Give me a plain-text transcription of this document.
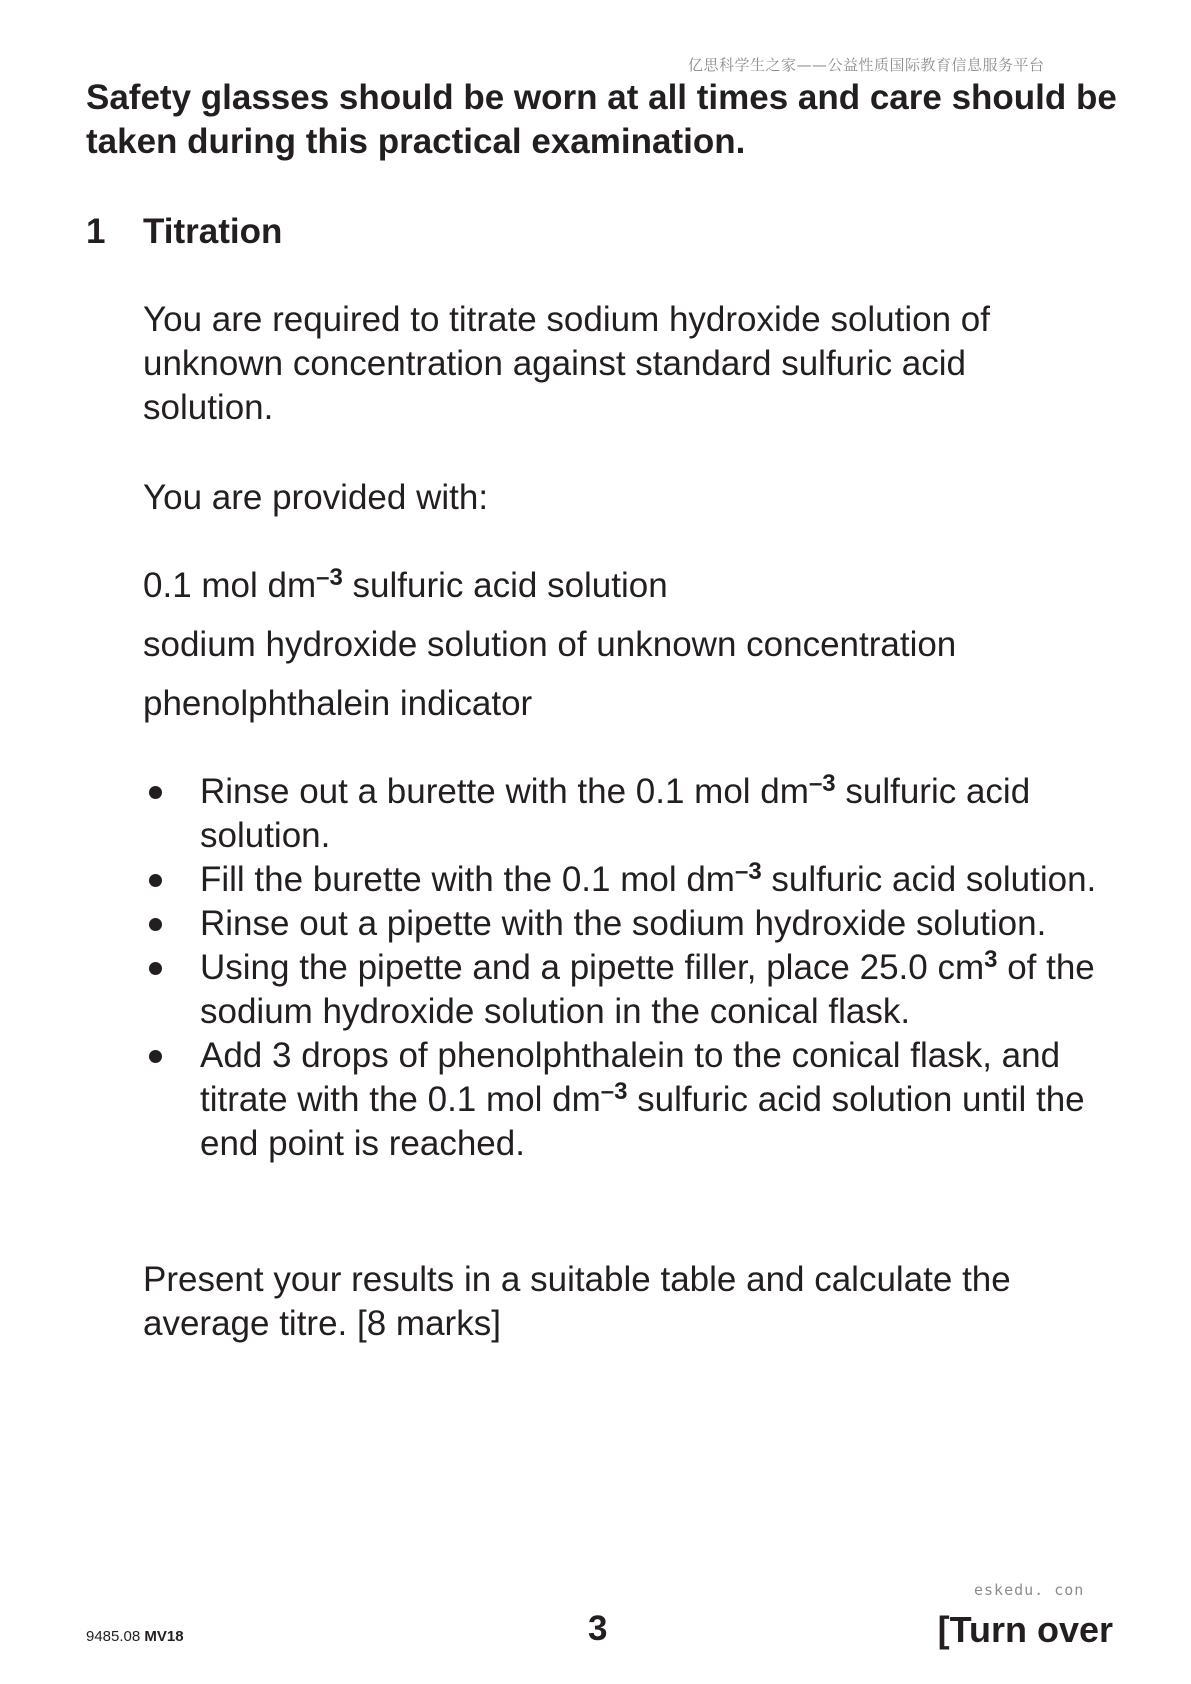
亿思科学生之家——公益性质国际教育信息服务平台
Safety glasses should be worn at all times and care should be taken during this practical examination.
1 Titration

You are required to titrate sodium hydroxide solution of unknown concentration against standard sulfuric acid solution.

You are provided with:

0.1 mol $dm^{-3}$ sulfuric acid solution

sodium hydroxide solution of unknown concentration

phenolphthalein indicator

Rinse out a burette with the 0.1 mol $dm^{-3}$ sulfuric acid solution.
Fill the burette with the 0.1 mol $dm^{-3}$ sulfuric acid solution.
Rinse out a pipette with the sodium hydroxide solution.
Using the pipette and a pipette filler, place 25.0 $cm^3$ of the sodium hydroxide solution in the conical flask.
Add 3 drops of phenolphthalein to the conical flask, and titrate with the 0.1 mol $dm^{-3}$ sulfuric acid solution until the end point is reached.

Present your results in a suitable table and calculate the average titre. [8 marks]

eskedu. con
9485.08 MV18	3	[Turn over
